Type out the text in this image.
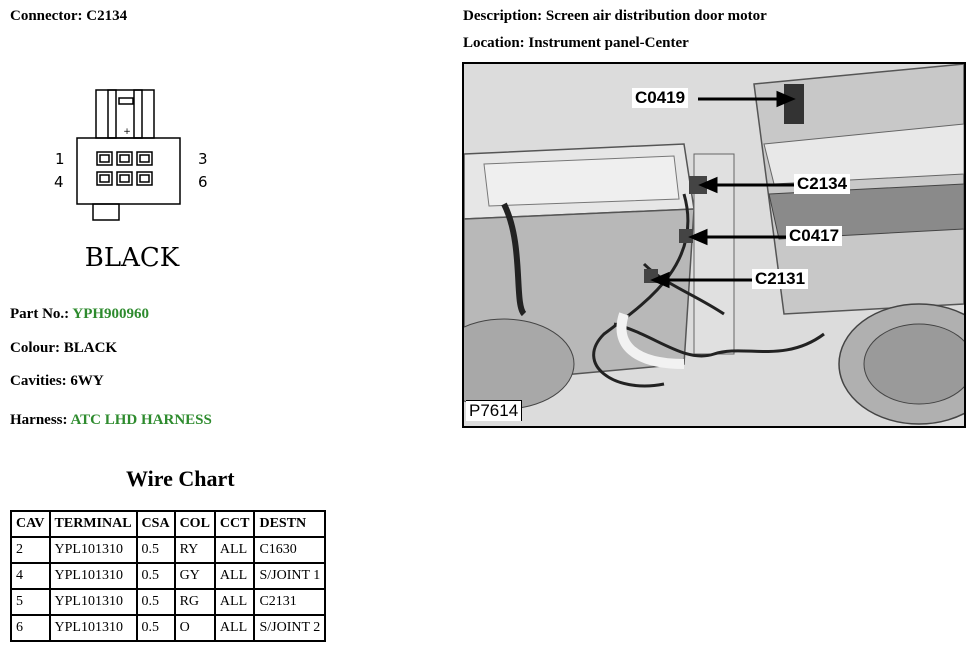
Connector: C2134	Description: Screen air distribution door motor
Location: Instrument panel-Center
+
1
4
3
6
BLACK
Part No.: YPH900960
Colour: BLACK
Cavities: 6WY
Harness: ATC LHD HARNESS
Wire Chart
CAV	TERMINAL	CSA	COL	CCT	DESTN
2	YPL101310	0.5	RY	ALL	C1630
4	YPL101310	0.5	GY	ALL	S/JOINT 1
5	YPL101310	0.5	RG	ALL	C2131
6	YPL101310	0.5	O	ALL	S/JOINT 2
C0419
C2134
C0417
C2131
P7614
